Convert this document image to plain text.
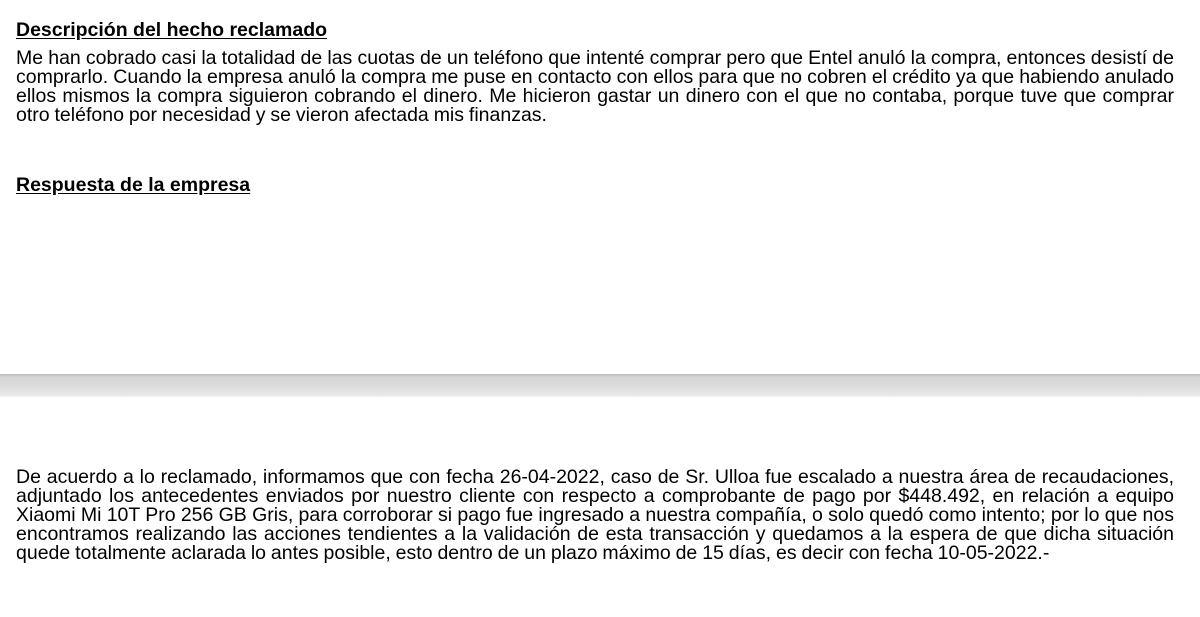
Descripción del hecho reclamado
Me han cobrado casi la totalidad de las cuotas de un teléfono que intenté comprar pero que Entel anuló la compra, entonces desistí de comprarlo. Cuando la empresa anuló la compra me puse en contacto con ellos para que no cobren el crédito ya que habiendo anulado ellos mismos la compra siguieron cobrando el dinero. Me hicieron gastar un dinero con el que no contaba, porque tuve que comprar otro teléfono por necesidad y se vieron afectada mis finanzas.
Respuesta de la empresa
De acuerdo a lo reclamado, informamos que con fecha 26-04-2022, caso de Sr. Ulloa fue escalado a nuestra área de recaudaciones, adjuntado los antecedentes enviados por nuestro cliente con respecto a comprobante de pago por $448.492, en relación a equipo Xiaomi Mi 10T Pro 256 GB Gris, para corroborar si pago fue ingresado a nuestra compañía, o solo quedó como intento; por lo que nos encontramos realizando las acciones tendientes a la validación de esta transacción y quedamos a la espera de que dicha situación quede totalmente aclarada lo antes posible, esto dentro de un plazo máximo de 15 días, es decir con fecha 10-05-2022.-
